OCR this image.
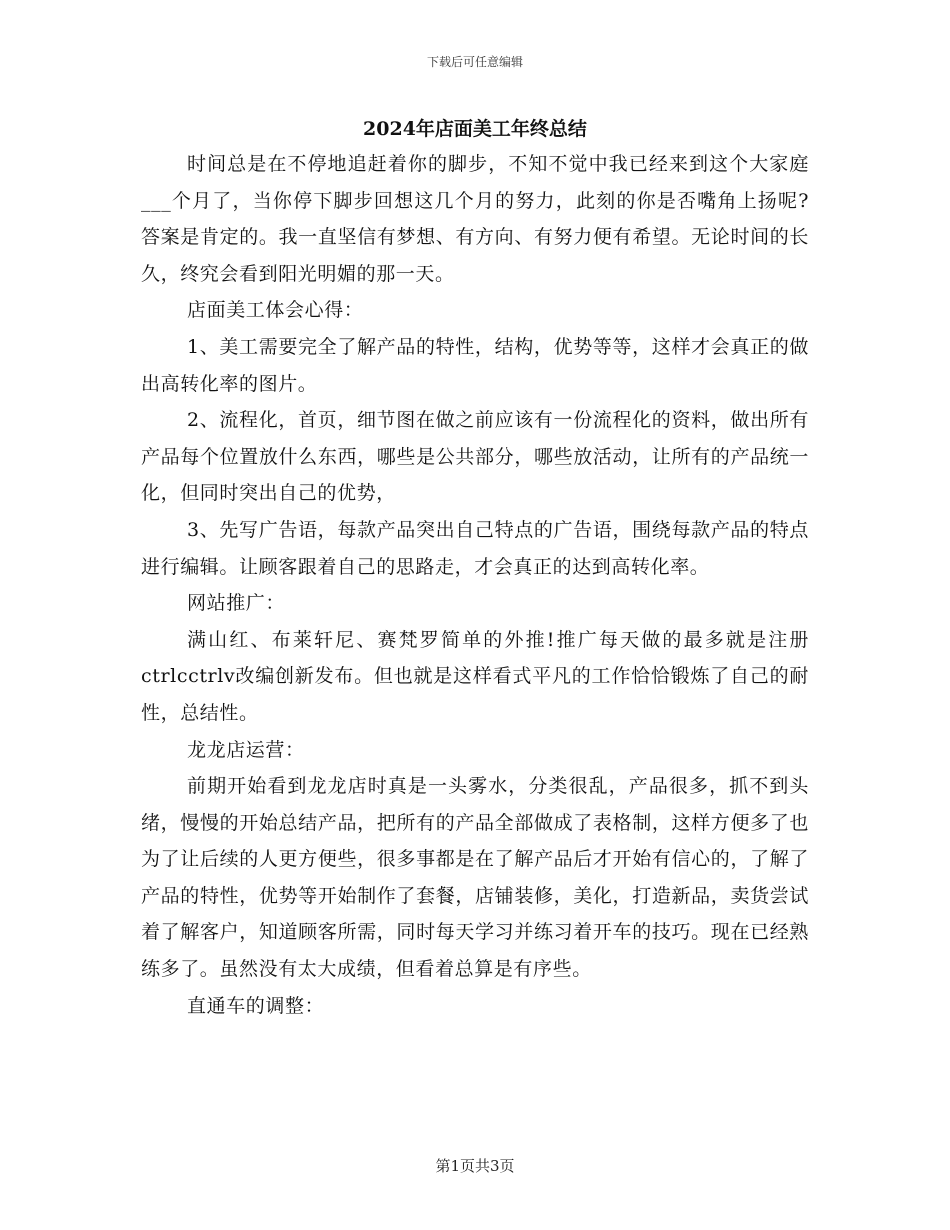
下载后可任意编辑
2024年店面美工年终总结

时间总是在不停地追赶着你的脚步，不知不觉中我已经来到这个大家庭___个月了，当你停下脚步回想这几个月的努力，此刻的你是否嘴角上扬呢?答案是肯定的。我一直坚信有梦想、有方向、有努力便有希望。无论时间的长久，终究会看到阳光明媚的那一天。

店面美工体会心得：

1、美工需要完全了解产品的特性，结构，优势等等，这样才会真正的做出高转化率的图片。

2、流程化，首页，细节图在做之前应该有一份流程化的资料，做出所有产品每个位置放什么东西，哪些是公共部分，哪些放活动，让所有的产品统一化，但同时突出自己的优势，

3、先写广告语，每款产品突出自己特点的广告语，围绕每款产品的特点进行编辑。让顾客跟着自己的思路走，才会真正的达到高转化率。

网站推广：

满山红、布莱轩尼、赛梵罗简单的外推!推广每天做的最多就是注册ctrlcctrlv改编创新发布。但也就是这样看式平凡的工作恰恰锻炼了自己的耐性，总结性。

龙龙店运营：

前期开始看到龙龙店时真是一头雾水，分类很乱，产品很多，抓不到头绪，慢慢的开始总结产品，把所有的产品全部做成了表格制，这样方便多了也为了让后续的人更方便些，很多事都是在了解产品后才开始有信心的，了解了产品的特性，优势等开始制作了套餐，店铺装修，美化，打造新品，卖货尝试着了解客户，知道顾客所需，同时每天学习并练习着开车的技巧。现在已经熟练多了。虽然没有太大成绩，但看着总算是有序些。

直通车的调整：

第1页共3页
